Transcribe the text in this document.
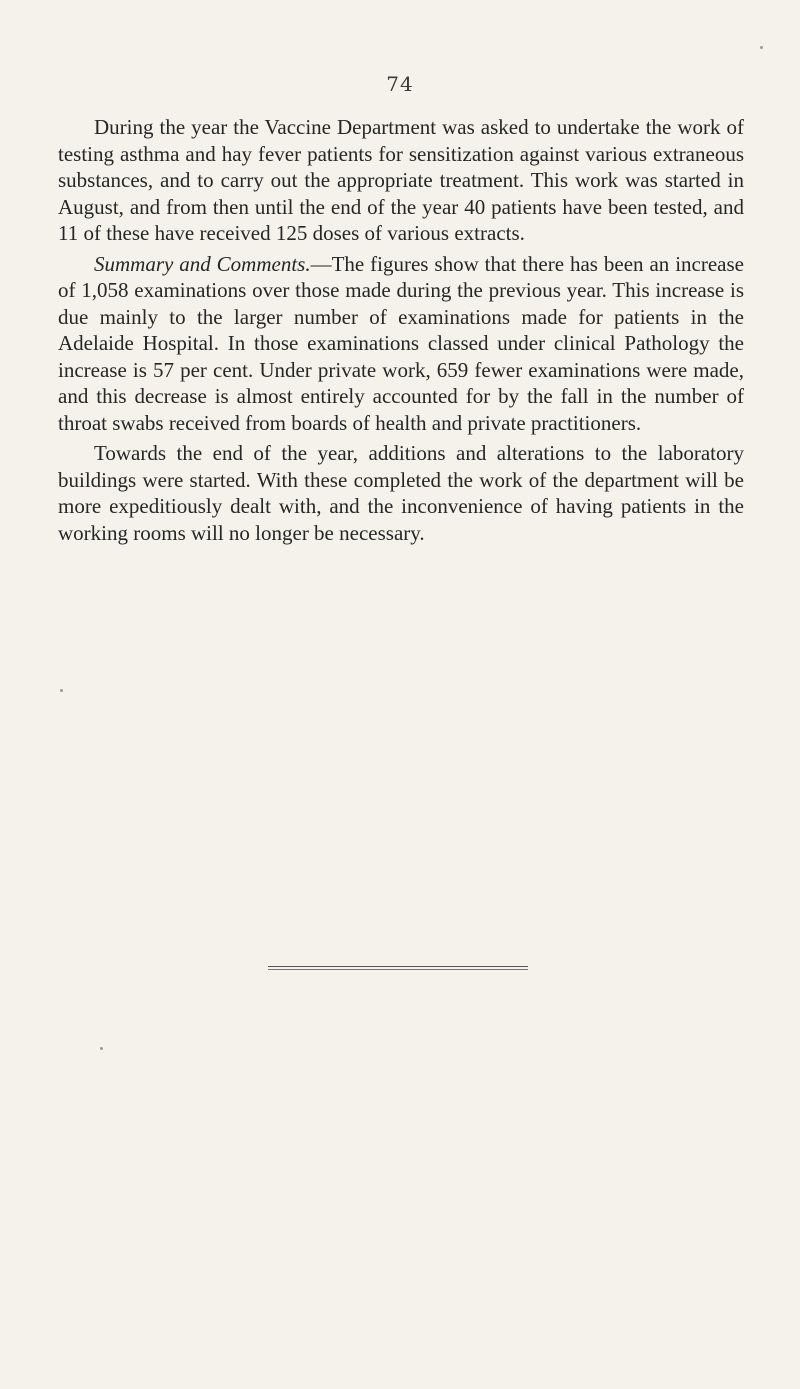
74

During the year the Vaccine Department was asked to undertake the work of testing asthma and hay fever patients for sensitization against various extraneous substances, and to carry out the appropriate treatment. This work was started in August, and from then until the end of the year 40 patients have been tested, and 11 of these have received 125 doses of various extracts.

Summary and Comments.—The figures show that there has been an increase of 1,058 examinations over those made during the previous year. This increase is due mainly to the larger number of examinations made for patients in the Adelaide Hospital. In those examinations classed under clinical Pathology the increase is 57 per cent. Under private work, 659 fewer examinations were made, and this decrease is almost entirely accounted for by the fall in the number of throat swabs received from boards of health and private practitioners.

Towards the end of the year, additions and alterations to the laboratory buildings were started. With these completed the work of the department will be more expeditiously dealt with, and the inconvenience of having patients in the working rooms will no longer be necessary.
